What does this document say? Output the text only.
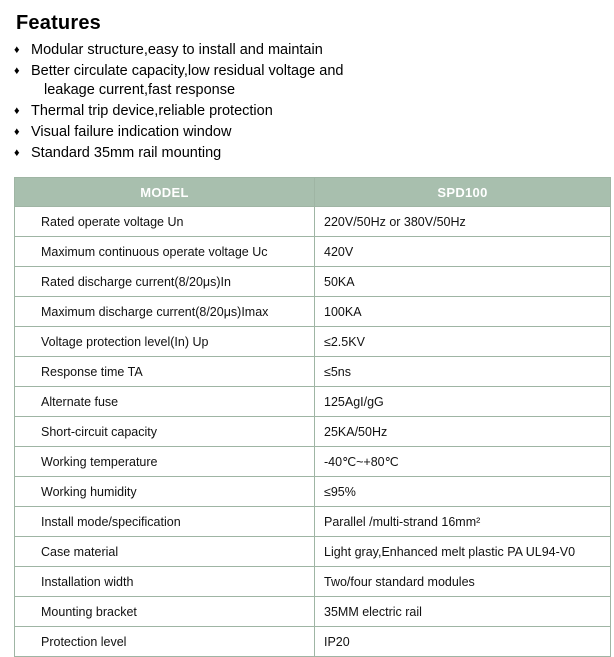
Features
♦ Modular structure,easy to install and maintain
♦ Better circulate capacity,low residual voltage and
leakage current,fast response
♦ Thermal trip device,reliable protection
♦ Visual failure indication window
♦ Standard 35mm rail mounting
MODEL	SPD100
Rated operate voltage Un	220V/50Hz or 380V/50Hz
Maximum continuous operate voltage Uc	420V
Rated discharge current(8/20μs)In	50KA
Maximum discharge current(8/20μs)Imax	100KA
Voltage protection level(In) Up	≤2.5KV
Response time TA	≤5ns
Alternate fuse	125AgI/gG
Short-circuit capacity	25KA/50Hz
Working temperature	-40℃~+80℃
Working humidity	≤95%
Install mode/specification	Parallel /multi-strand 16mm²
Case material	Light gray,Enhanced melt plastic PA UL94-V0
Installation width	Two/four standard modules
Mounting bracket	35MM electric rail
Protection level	IP20
